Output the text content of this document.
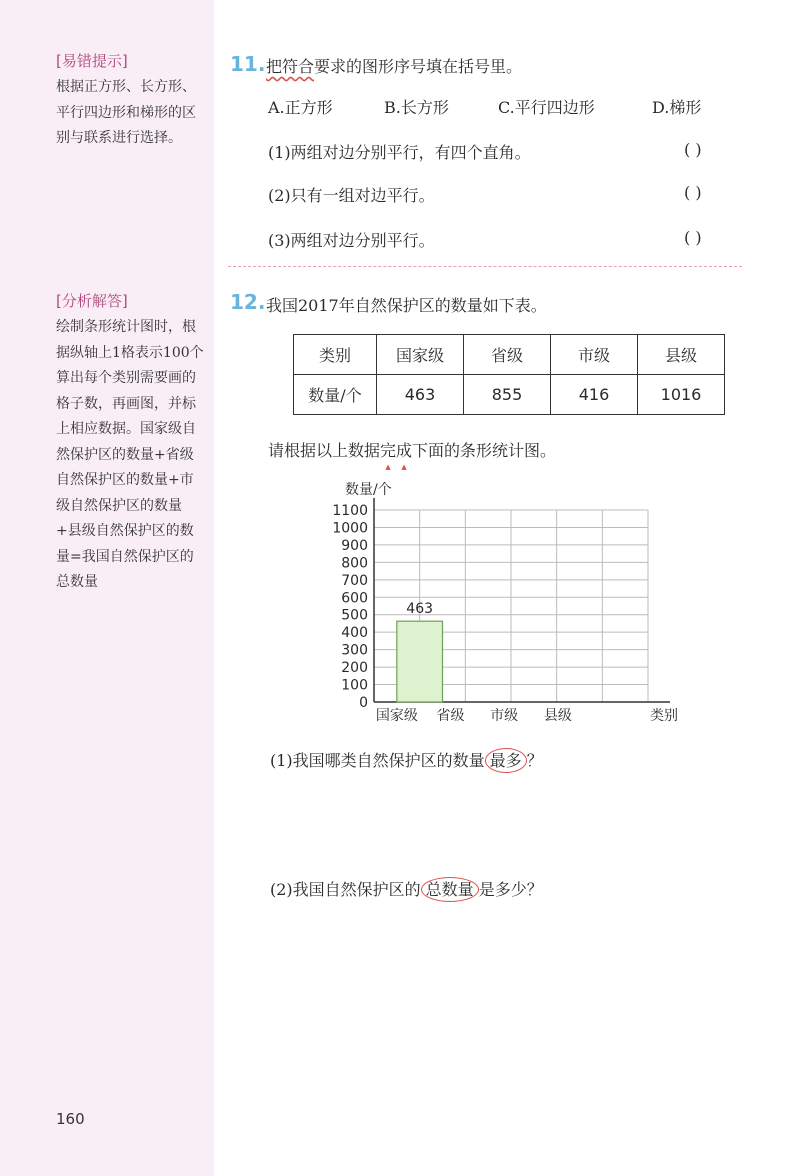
[易错提示]
根据正方形、长方形、平行四边形和梯形的区别与联系进行选择。
[分析解答]
绘制条形统计图时，根据纵轴上1格表示100个算出每个类别需要画的格子数，再画图，并标上相应数据。国家级自然保护区的数量+省级自然保护区的数量+市级自然保护区的数量+县级自然保护区的数量=我国自然保护区的总数量
160
11. 把符合要求的图形序号填在括号里。
A.正方形	B.长方形	C.平行四边形	D.梯形
(1)两组对边分别平行，有四个直角。	( )
(2)只有一组对边平行。	( )
(3)两组对边分别平行。	( )
12. 我国2017年自然保护区的数量如下表。
类别	国家级	省级	市级	县级
数量/个	463	855	416	1016
请根据以上数据完 ▲成 ▲下面的条形统计图。
数量/个
463
0
100
200
300
400
500
600
700
800
900
1000
1100
国家级 省级 市级 县级	类别
(1)我国哪类自然保护区的数量 最多 ？
(2)我国自然保护区的 总数量 是多少？
